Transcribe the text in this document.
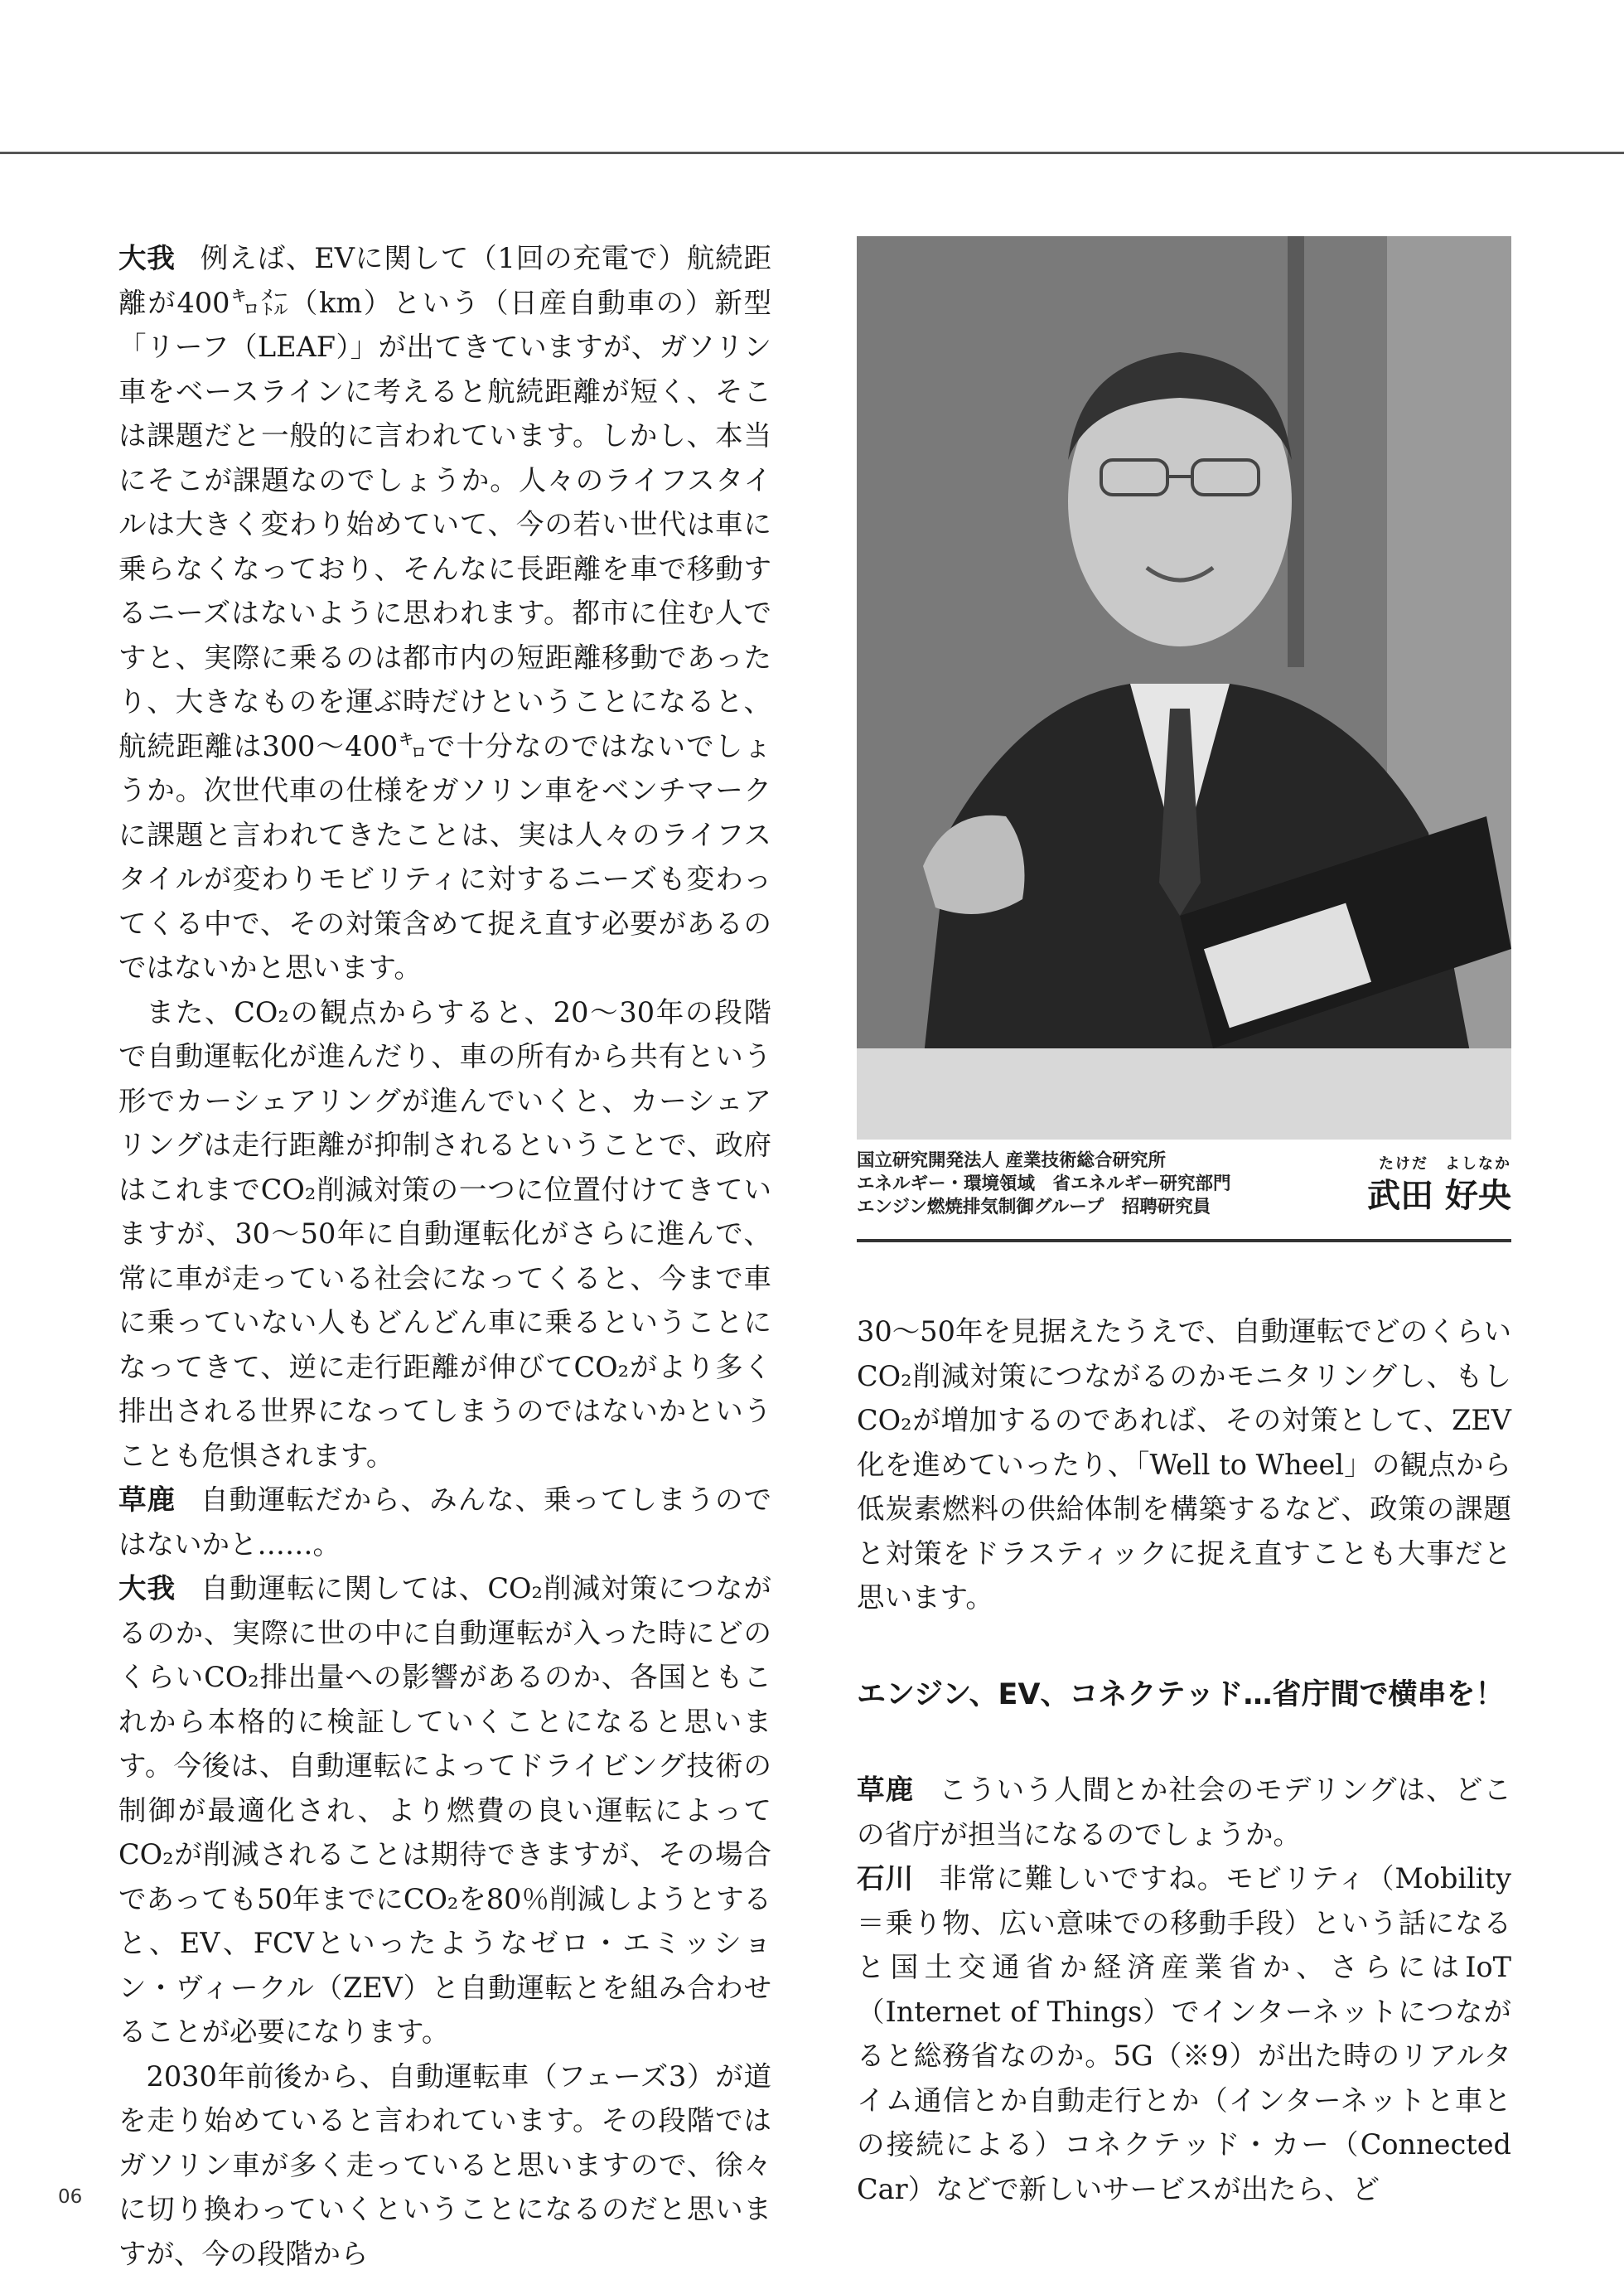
大我 例えば、EVに関して（1回の充電で）航続距離が400㌔㍍（km）という（日産自動車の）新型「リーフ（LEAF）」が出てきていますが、ガソリン車をベースラインに考えると航続距離が短く、そこは課題だと一般的に言われています。しかし、本当にそこが課題なのでしょうか。人々のライフスタイルは大きく変わり始めていて、今の若い世代は車に乗らなくなっており、そんなに長距離を車で移動するニーズはないように思われます。都市に住む人ですと、実際に乗るのは都市内の短距離移動であったり、大きなものを運ぶ時だけということになると、航続距離は300～400㌔で十分なのではないでしょうか。次世代車の仕様をガソリン車をベンチマークに課題と言われてきたことは、実は人々のライフスタイルが変わりモビリティに対するニーズも変わってくる中で、その対策含めて捉え直す必要があるのではないかと思います。

また、CO₂の観点からすると、20～30年の段階で自動運転化が進んだり、車の所有から共有という形でカーシェアリングが進んでいくと、カーシェアリングは走行距離が抑制されるということで、政府はこれまでCO₂削減対策の一つに位置付けてきていますが、30～50年に自動運転化がさらに進んで、常に車が走っている社会になってくると、今まで車に乗っていない人もどんどん車に乗るということになってきて、逆に走行距離が伸びてCO₂がより多く排出される世界になってしまうのではないかということも危惧されます。

草鹿 自動運転だから、みんな、乗ってしまうのではないかと……。

大我 自動運転に関しては、CO₂削減対策につながるのか、実際に世の中に自動運転が入った時にどのくらいCO₂排出量への影響があるのか、各国ともこれから本格的に検証していくことになると思います。今後は、自動運転によってドライビング技術の制御が最適化され、より燃費の良い運転によってCO₂が削減されることは期待できますが、その場合であっても50年までにCO₂を80％削減しようとすると、EV、FCVといったようなゼロ・エミッション・ヴィークル（ZEV）と自動運転とを組み合わせることが必要になります。

2030年前後から、自動運転車（フェーズ3）が道を走り始めていると言われています。その段階ではガソリン車が多く走っていると思いますので、徐々に切り換わっていくということになるのだと思いますが、今の段階から

国立研究開発法人 産業技術総合研究所
エネルギー・環境領域　省エネルギー研究部門
エンジン燃焼排気制御グループ　招聘研究員
たけだ　よしなか
武田 好央

30～50年を見据えたうえで、自動運転でどのくらいCO₂削減対策につながるのかモニタリングし、もしCO₂が増加するのであれば、その対策として、ZEV化を進めていったり、「Well to Wheel」の観点から低炭素燃料の供給体制を構築するなど、政策の課題と対策をドラスティックに捉え直すことも大事だと思います。

エンジン、EV、コネクテッド…省庁間で横串を！

草鹿 こういう人間とか社会のモデリングは、どこの省庁が担当になるのでしょうか。

石川 非常に難しいですね。モビリティ（Mobility＝乗り物、広い意味での移動手段）という話になると国土交通省か経済産業省か、さらにはIoT（Internet of Things）でインターネットにつながると総務省なのか。5G（※9）が出た時のリアルタイム通信とか自動走行とか（インターネットと車との接続による）コネクテッド・カー（Connected Car）などで新しいサービスが出たら、ど

06
